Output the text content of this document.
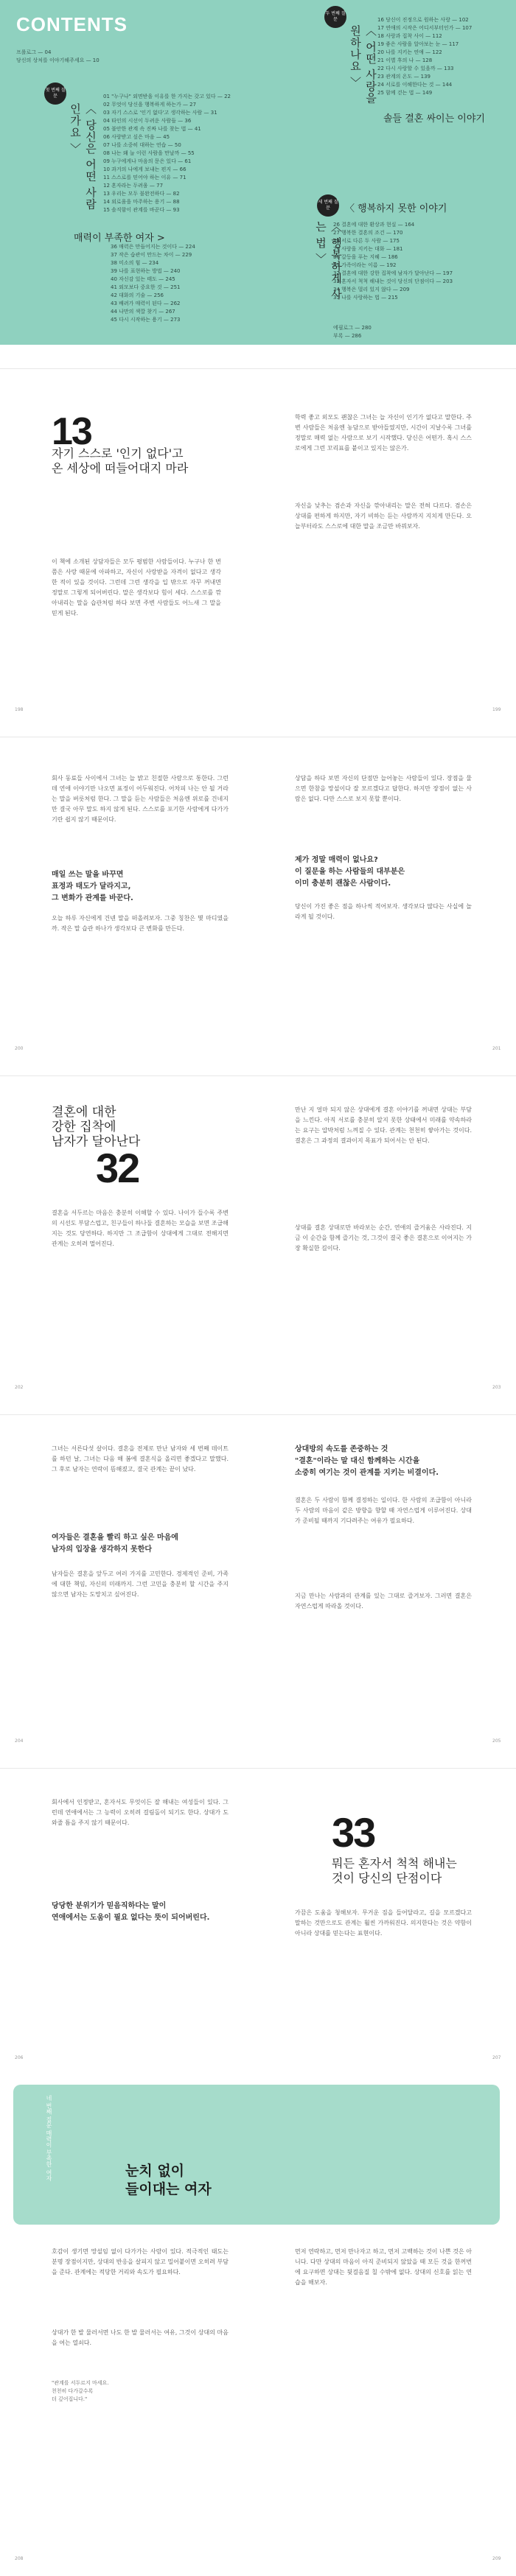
CONTENTS
프롤로그 — 04
당신의 상처를 이야기해주세요 — 10
첫 번째 질문
〈 당신은 어떤 사람인가요 〉
01 "누구나" 외면받을 이유를 한 가지는 갖고 있다 — 22
02 무엇이 당신을 행복하게 하는가 — 27
03 자기 스스로 '인기 없다'고 생각하는 사람 — 31
04 타인의 시선이 두려운 사람들 — 36
05 불안한 관계 속 진짜 나를 찾는 법 — 41
06 사랑받고 싶은 마음 — 45
07 나를 소중히 대하는 연습 — 50
08 나는 왜 늘 이런 사람을 만날까 — 55
09 누구에게나 마음의 문은 있다 — 61
10 과거의 나에게 보내는 편지 — 66
11 스스로를 믿어야 하는 이유 — 71
12 혼자라는 두려움 — 77
13 우리는 모두 불완전하다 — 82
14 외로움을 마주하는 용기 — 88
15 솔직함이 관계를 바꾼다 — 93
매력이 부족한 여자 >
36 매력은 만들어지는 것이다 — 224
37 작은 습관이 만드는 차이 — 229
38 미소의 힘 — 234
39 나를 표현하는 방법 — 240
40 자신감 있는 태도 — 245
41 외모보다 중요한 것 — 251
42 대화의 기술 — 256
43 배려가 매력이 된다 — 262
44 나만의 색깔 찾기 — 267
45 다시 시작하는 용기 — 273
두 번째 질문
〈 어떤 사랑을 원하나요 〉
16 당신이 진정으로 원하는 사랑 — 102
17 연애의 시작은 어디서부터인가 — 107
18 사랑과 집착 사이 — 112
19 좋은 사람을 알아보는 눈 — 117
20 나를 지키는 연애 — 122
21 이별 후의 나 — 128
22 다시 사랑할 수 있을까 — 133
23 관계의 온도 — 139
24 서로를 이해한다는 것 — 144
25 함께 걷는 법 — 149
솔들 결혼 싸이는 이야기
세 번째 질문	〈 행복하지 못한 이야기
26 결혼에 대한 환상과 현실 — 164
27 행복한 결혼의 조건 — 170
28 서로 다른 두 사람 — 175
29 사랑을 지키는 대화 — 181
30 갈등을 푸는 지혜 — 186
31 가족이라는 이름 — 192
32 결혼에 대한 강한 집착에 남자가 달아난다 — 197
33 혼자서 척척 해내는 것이 당신의 단점이다 — 203
34 행복은 멀리 있지 않다 — 209
35 나를 사랑하는 법 — 215
〈 행복하게 사는 법 〉
에필로그 — 280
부록 — 286
13
자기 스스로 '인기 없다'고
온 세상에 떠들어대지 마라
이 책에 소개된 상담자들은 모두 평범한 사람들이다. 누구나 한 번쯤은 사랑 때문에 아파하고, 자신이 사랑받을 자격이 없다고 생각한 적이 있을 것이다. 그런데 그런 생각을 입 밖으로 자꾸 꺼내면 정말로 그렇게 되어버린다. 말은 생각보다 힘이 세다. 스스로를 깎아내리는 말을 습관처럼 하다 보면 주변 사람들도 어느새 그 말을 믿게 된다.
학력 좋고 외모도 괜찮은 그녀는 늘 자신이 인기가 없다고 말한다. 주변 사람들은 처음엔 농담으로 받아들였지만, 시간이 지날수록 그녀를 정말로 매력 없는 사람으로 보기 시작했다. 당신은 어떤가. 혹시 스스로에게 그런 꼬리표를 붙이고 있지는 않은가.
자신을 낮추는 겸손과 자신을 깎아내리는 말은 전혀 다르다. 겸손은 상대를 편하게 하지만, 자기 비하는 듣는 사람까지 지치게 만든다. 오늘부터라도 스스로에 대한 말을 조금만 바꿔보자.
198	199
회사 동료들 사이에서 그녀는 늘 밝고 친절한 사람으로 통한다. 그런데 연애 이야기만 나오면 표정이 어두워진다. 어차피 나는 안 될 거라는 말을 버릇처럼 한다. 그 말을 듣는 사람들은 처음엔 위로를 건네지만 결국 아무 말도 하지 않게 된다. 스스로를 포기한 사람에게 다가가기란 쉽지 않기 때문이다.
매일 쓰는 말을 바꾸면
표정과 태도가 달라지고,
그 변화가 관계를 바꾼다.
오늘 하루 자신에게 건넨 말을 떠올려보자. 그중 칭찬은 몇 마디였을까. 작은 말 습관 하나가 생각보다 큰 변화를 만든다.
상담을 하다 보면 자신의 단점만 늘어놓는 사람들이 있다. 장점을 물으면 한참을 망설이다 잘 모르겠다고 답한다. 하지만 장점이 없는 사람은 없다. 다만 스스로 보지 못할 뿐이다.
제가 정말 매력이 없나요?
이 질문을 하는 사람들의 대부분은
이미 충분히 괜찮은 사람이다.
당신이 가진 좋은 점을 하나씩 적어보자. 생각보다 많다는 사실에 놀라게 될 것이다.
200	201
결혼에 대한
강한 집착에
남자가 달아난다
32
결혼을 서두르는 마음은 충분히 이해할 수 있다. 나이가 들수록 주변의 시선도 부담스럽고, 친구들이 하나둘 결혼하는 모습을 보면 조급해지는 것도 당연하다. 하지만 그 조급함이 상대에게 그대로 전해지면 관계는 오히려 멀어진다.
만난 지 얼마 되지 않은 상대에게 결혼 이야기를 꺼내면 상대는 부담을 느낀다. 아직 서로를 충분히 알지 못한 상태에서 미래를 약속하라는 요구는 압박처럼 느껴질 수 있다. 관계는 천천히 쌓아가는 것이다. 결혼은 그 과정의 결과이지 목표가 되어서는 안 된다.
상대를 결혼 상대로만 바라보는 순간, 연애의 즐거움은 사라진다. 지금 이 순간을 함께 즐기는 것, 그것이 결국 좋은 결혼으로 이어지는 가장 확실한 길이다.
202	203
그녀는 서른다섯 살이다. 결혼을 전제로 만난 남자와 세 번째 데이트를 하던 날, 그녀는 다음 해 봄에 결혼식을 올리면 좋겠다고 말했다. 그 후로 남자는 연락이 뜸해졌고, 결국 관계는 끝이 났다.
여자들은 결혼을 빨리 하고 싶은 마음에
남자의 입장을 생각하지 못한다
남자들은 결혼을 앞두고 여러 가지를 고민한다. 경제적인 준비, 가족에 대한 책임, 자신의 미래까지. 그런 고민을 충분히 할 시간을 주지 않으면 남자는 도망치고 싶어진다.
상대방의 속도를 존중하는 것
"결혼"이라는 말 대신 함께하는 시간을
소중히 여기는 것이 관계를 지키는 비결이다.
결혼은 두 사람이 함께 결정하는 일이다. 한 사람의 조급함이 아니라 두 사람의 마음이 같은 방향을 향할 때 자연스럽게 이루어진다. 상대가 준비될 때까지 기다려주는 여유가 필요하다.
지금 만나는 사람과의 관계를 있는 그대로 즐겨보자. 그러면 결혼은 자연스럽게 따라올 것이다.
204	205
회사에서 인정받고, 혼자서도 무엇이든 잘 해내는 여성들이 있다. 그런데 연애에서는 그 능력이 오히려 걸림돌이 되기도 한다. 상대가 도와줄 틈을 주지 않기 때문이다.
당당한 분위기가 믿음직하다는 말이
연애에서는 도움이 필요 없다는 뜻이 되어버린다.
33
뭐든 혼자서 척척 해내는
것이 당신의 단점이다
가끔은 도움을 청해보자. 무거운 짐을 들어달라고, 길을 모르겠다고 말하는 것만으로도 관계는 훨씬 가까워진다. 의지한다는 것은 약함이 아니라 상대를 믿는다는 표현이다.
206	207
네 번째 질문 매력이 부족한 여자	눈치 없이
들이대는 여자
호감이 생기면 망설임 없이 다가가는 사람이 있다. 적극적인 태도는 분명 장점이지만, 상대의 반응을 살피지 않고 밀어붙이면 오히려 부담을 준다. 관계에는 적당한 거리와 속도가 필요하다.
상대가 한 발 물러서면 나도 한 발 물러서는 여유, 그것이 상대의 마음을 여는 열쇠다.
"관계를 서두르지 마세요.
천천히 다가갈수록
더 깊어집니다."
먼저 연락하고, 먼저 만나자고 하고, 먼저 고백하는 것이 나쁜 것은 아니다. 다만 상대의 마음이 아직 준비되지 않았을 때 모든 것을 한꺼번에 요구하면 상대는 뒷걸음질 칠 수밖에 없다. 상대의 신호를 읽는 연습을 해보자.
208	209
